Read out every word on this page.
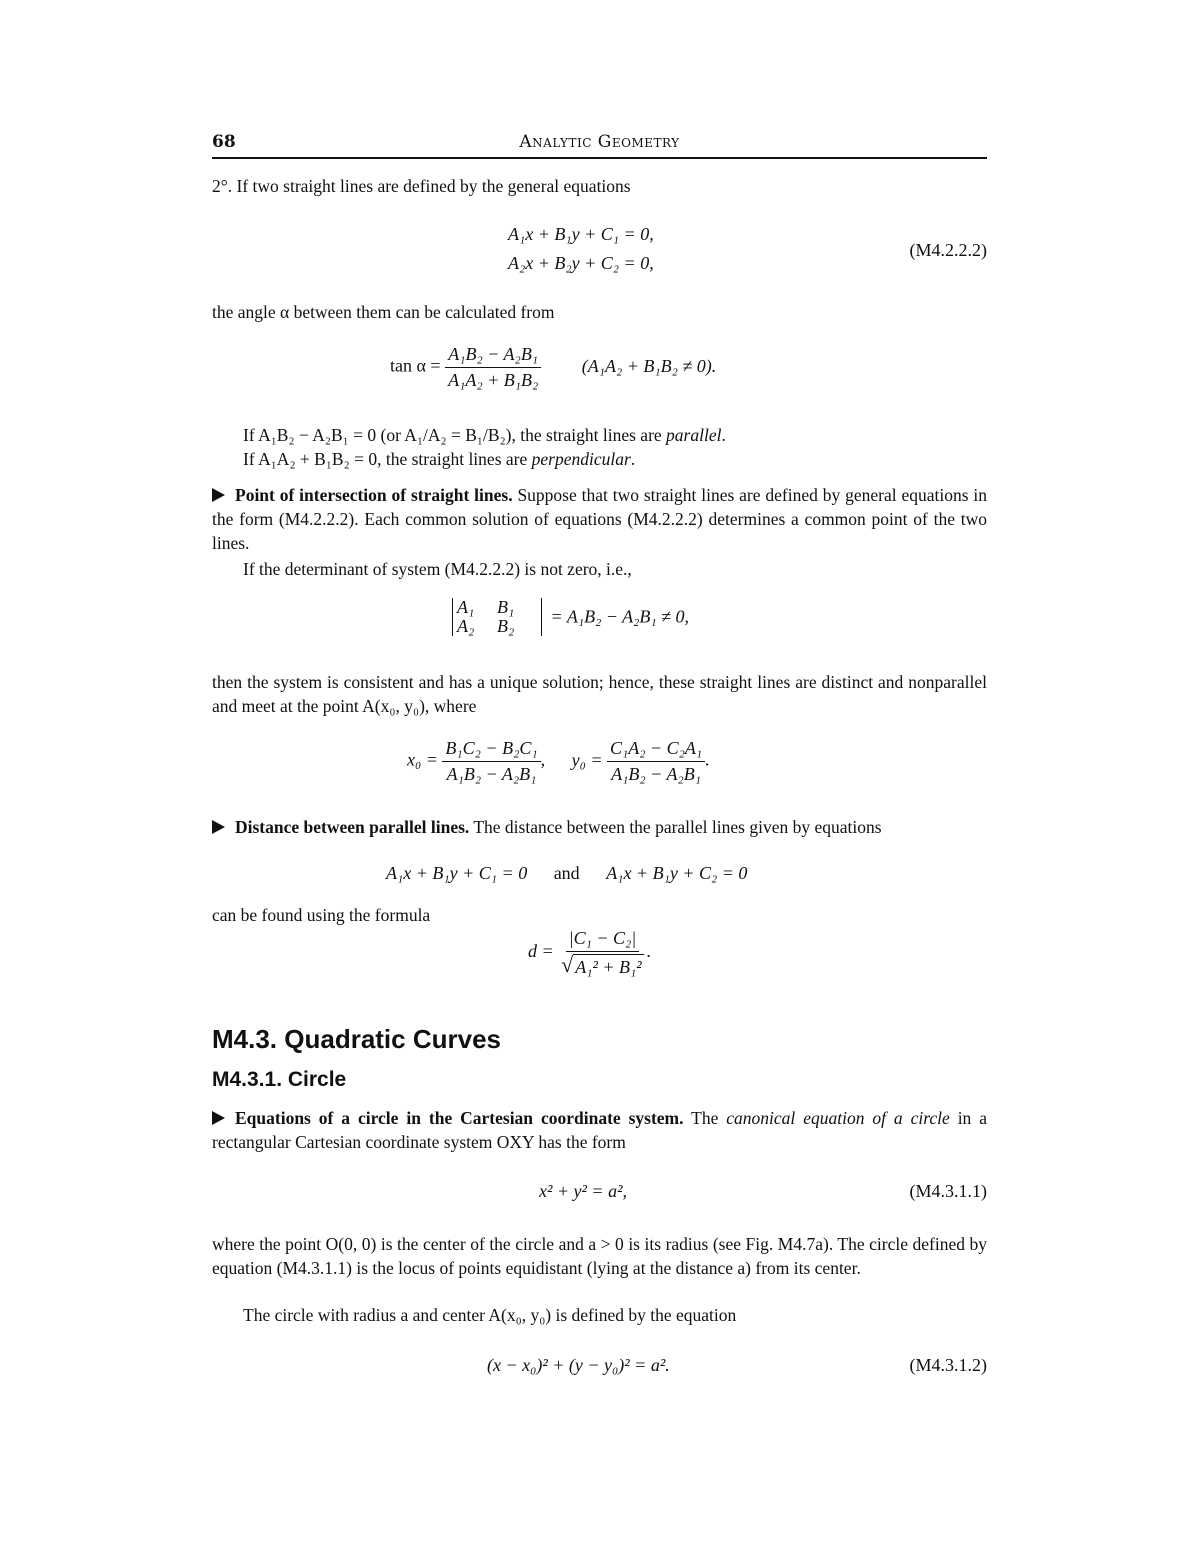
68	Analytic Geometry
2°. If two straight lines are defined by the general equations
A₁x + B₁y + C₁ = 0,
A₂x + B₂y + C₂ = 0,
(M4.2.2.2)
the angle α between them can be calculated from
$\tan \alpha = \frac{\text{A₁B₂ − A₂B₁}}{\text{A₁A₂ + B₁B₂}} (A_1A_2 + B_1B_2 \ne 0)$.
If A₁B₂ − A₂B₁ = 0 (or A₁/A₂ = B₁/B₂), the straight lines are parallel.
If A₁A₂ + B₁B₂ = 0, the straight lines are perpendicular.
Point of intersection of straight lines. Suppose that two straight lines are defined by general equations in the form (M4.2.2.2). Each common solution of equations (M4.2.2.2) determines a common point of the two lines.
If the determinant of system (M4.2.2.2) is not zero, i.e.,
A₁	B₁
A₂	B₂	= A₁B₂ − A₂B₁ ≠ 0,
then the system is consistent and has a unique solution; hence, these straight lines are distinct and nonparallel and meet at the point A(x₀, y₀), where
$x_0 = \frac{\text{B₁C₂ − B₂C₁}}{\text{A₁B₂ − A₂B₁}}$ , $y_0 = \frac{\text{C₁A₂ − C₂A₁}}{\text{A₁B₂ − A₂B₁}}$ .
Distance between parallel lines. The distance between the parallel lines given by equations
A₁x + B₁y + C₁ = 0 and A₁x + B₁y + C₂ = 0
can be found using the formula
$d = \frac{\text{|C₁ − C₂|}}{\text{√ A₁² + B₁²}}$ .
M4.3. Quadratic Curves
M4.3.1. Circle
Equations of a circle in the Cartesian coordinate system. The canonical equation of a circle in a rectangular Cartesian coordinate system OXY has the form
x² + y² = a²,	(M4.3.1.1)
where the point O(0, 0) is the center of the circle and a > 0 is its radius (see Fig. M4.7a). The circle defined by equation (M4.3.1.1) is the locus of points equidistant (lying at the distance a) from its center.
The circle with radius a and center A(x₀, y₀) is defined by the equation
(x − x₀)² + (y − y₀)² = a².	(M4.3.1.2)
